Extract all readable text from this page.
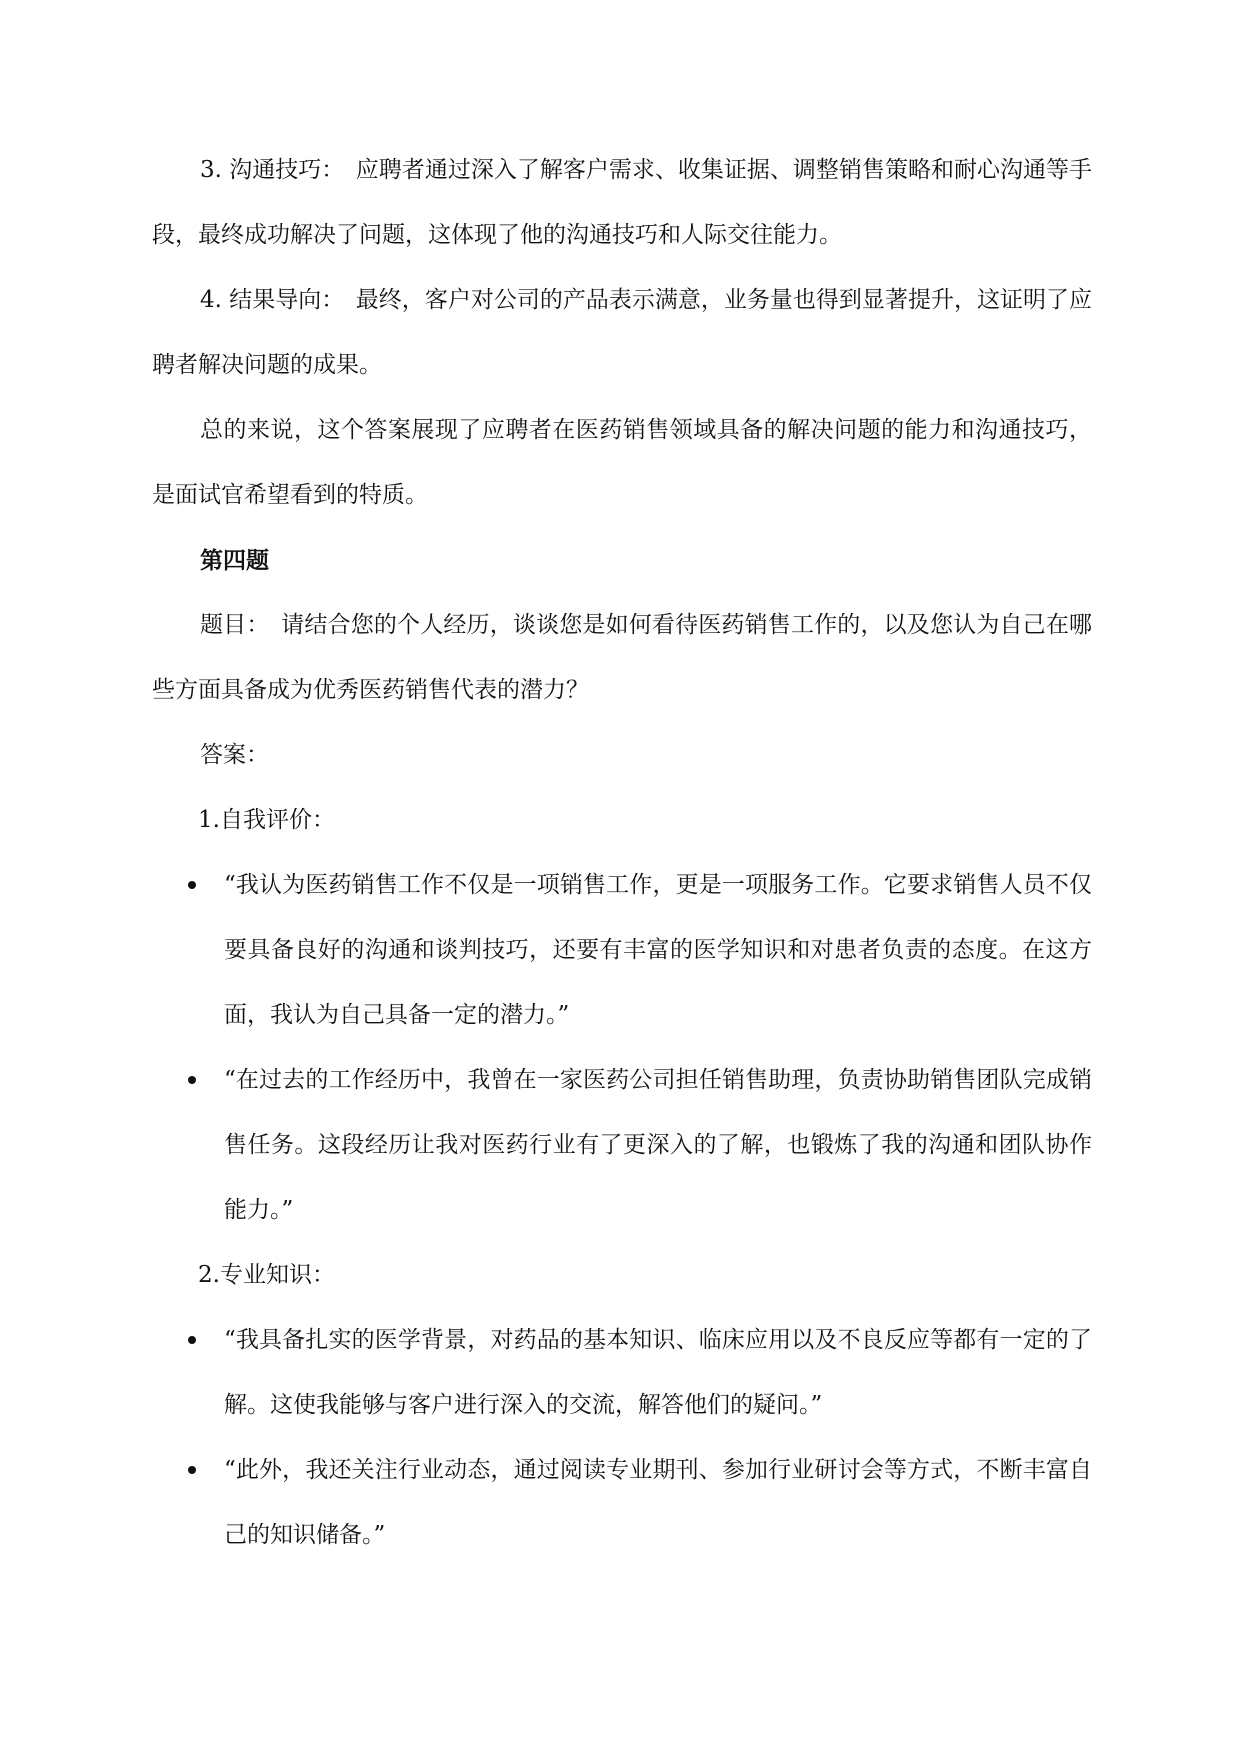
3. 沟通技巧：　应聘者通过深入了解客户需求、收集证据、调整销售策略和耐心沟通等手段，最终成功解决了问题，这体现了他的沟通技巧和人际交往能力。

4. 结果导向：　最终，客户对公司的产品表示满意，业务量也得到显著提升，这证明了应聘者解决问题的成果。

总的来说，这个答案展现了应聘者在医药销售领域具备的解决问题的能力和沟通技巧，是面试官希望看到的特质。

第四题

题目：　请结合您的个人经历，谈谈您是如何看待医药销售工作的，以及您认为自己在哪些方面具备成为优秀医药销售代表的潜力？

答案：

1.自我评价：

“我认为医药销售工作不仅是一项销售工作，更是一项服务工作。它要求销售人员不仅要具备良好的沟通和谈判技巧，还要有丰富的医学知识和对患者负责的态度。在这方面，我认为自己具备一定的潜力。”
“在过去的工作经历中，我曾在一家医药公司担任销售助理，负责协助销售团队完成销售任务。这段经历让我对医药行业有了更深入的了解，也锻炼了我的沟通和团队协作能力。”

2.专业知识：

“我具备扎实的医学背景，对药品的基本知识、临床应用以及不良反应等都有一定的了解。这使我能够与客户进行深入的交流，解答他们的疑问。”
“此外，我还关注行业动态，通过阅读专业期刊、参加行业研讨会等方式，不断丰富自己的知识储备。”
